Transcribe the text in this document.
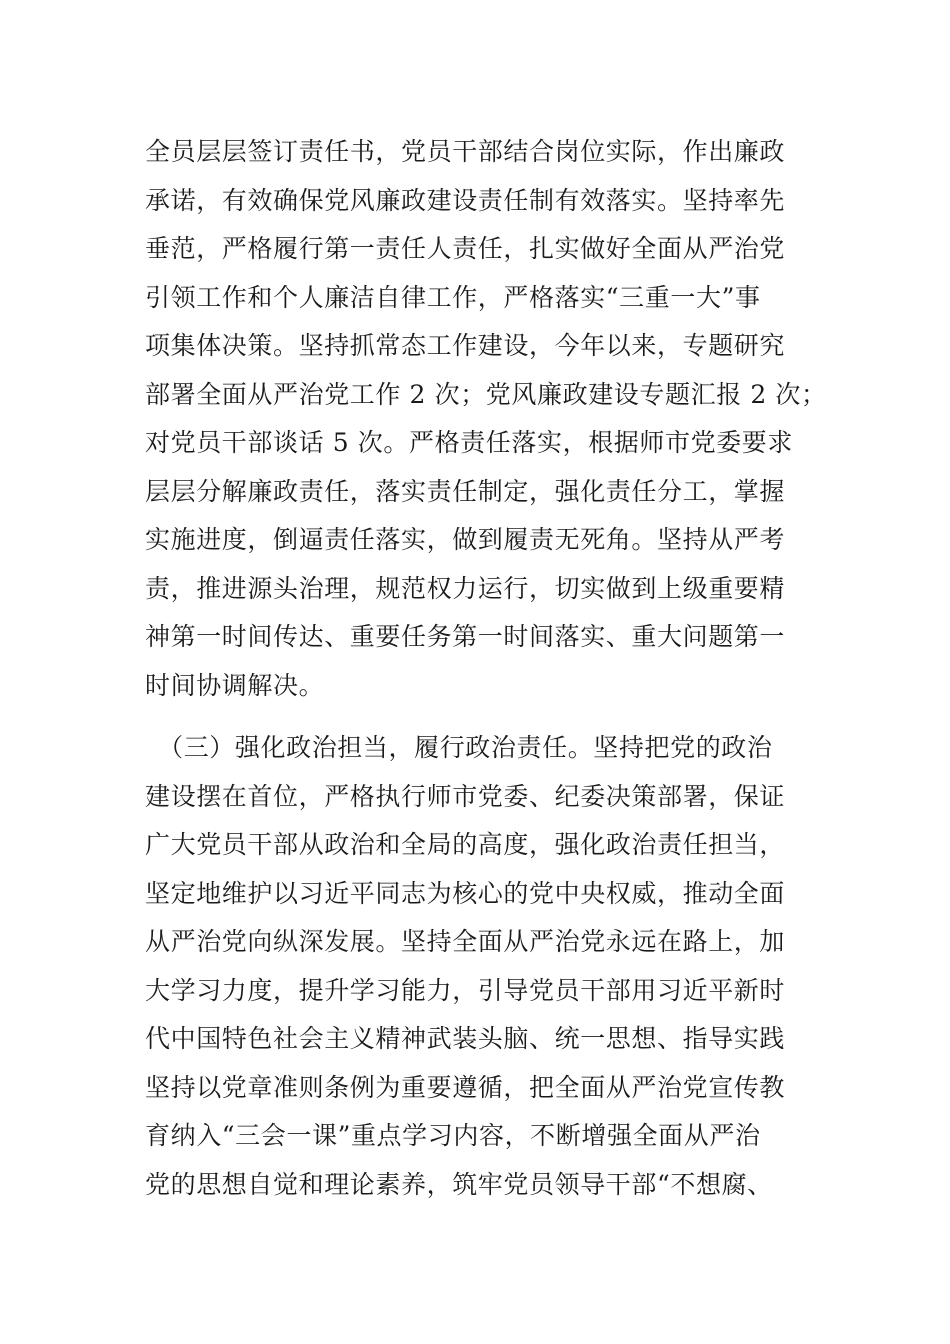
全员层层签订责任书，党员干部结合岗位实际，作出廉政
承诺，有效确保党风廉政建设责任制有效落实。坚持率先
垂范，严格履行第一责任人责任，扎实做好全面从严治党
引领工作和个人廉洁自律工作，严格落实“三重一大”事
项集体决策。坚持抓常态工作建设，今年以来，专题研究
部署全面从严治党工作 2 次；党风廉政建设专题汇报 2 次；
对党员干部谈话 5 次。严格责任落实，根据师市党委要求
层层分解廉政责任，落实责任制定，强化责任分工，掌握
实施进度，倒逼责任落实，做到履责无死角。坚持从严考
责，推进源头治理，规范权力运行，切实做到上级重要精
神第一时间传达、重要任务第一时间落实、重大问题第一
时间协调解决。
　（三）强化政治担当，履行政治责任。坚持把党的政治
建设摆在首位，严格执行师市党委、纪委决策部署，保证
广大党员干部从政治和全局的高度，强化政治责任担当，
坚定地维护以习近平同志为核心的党中央权威，推动全面
从严治党向纵深发展。坚持全面从严治党永远在路上，加
大学习力度，提升学习能力，引导党员干部用习近平新时
代中国特色社会主义精神武装头脑、统一思想、指导实践
坚持以党章准则条例为重要遵循，把全面从严治党宣传教
育纳入“三会一课”重点学习内容，不断增强全面从严治
党的思想自觉和理论素养，筑牢党员领导干部“不想腐、
